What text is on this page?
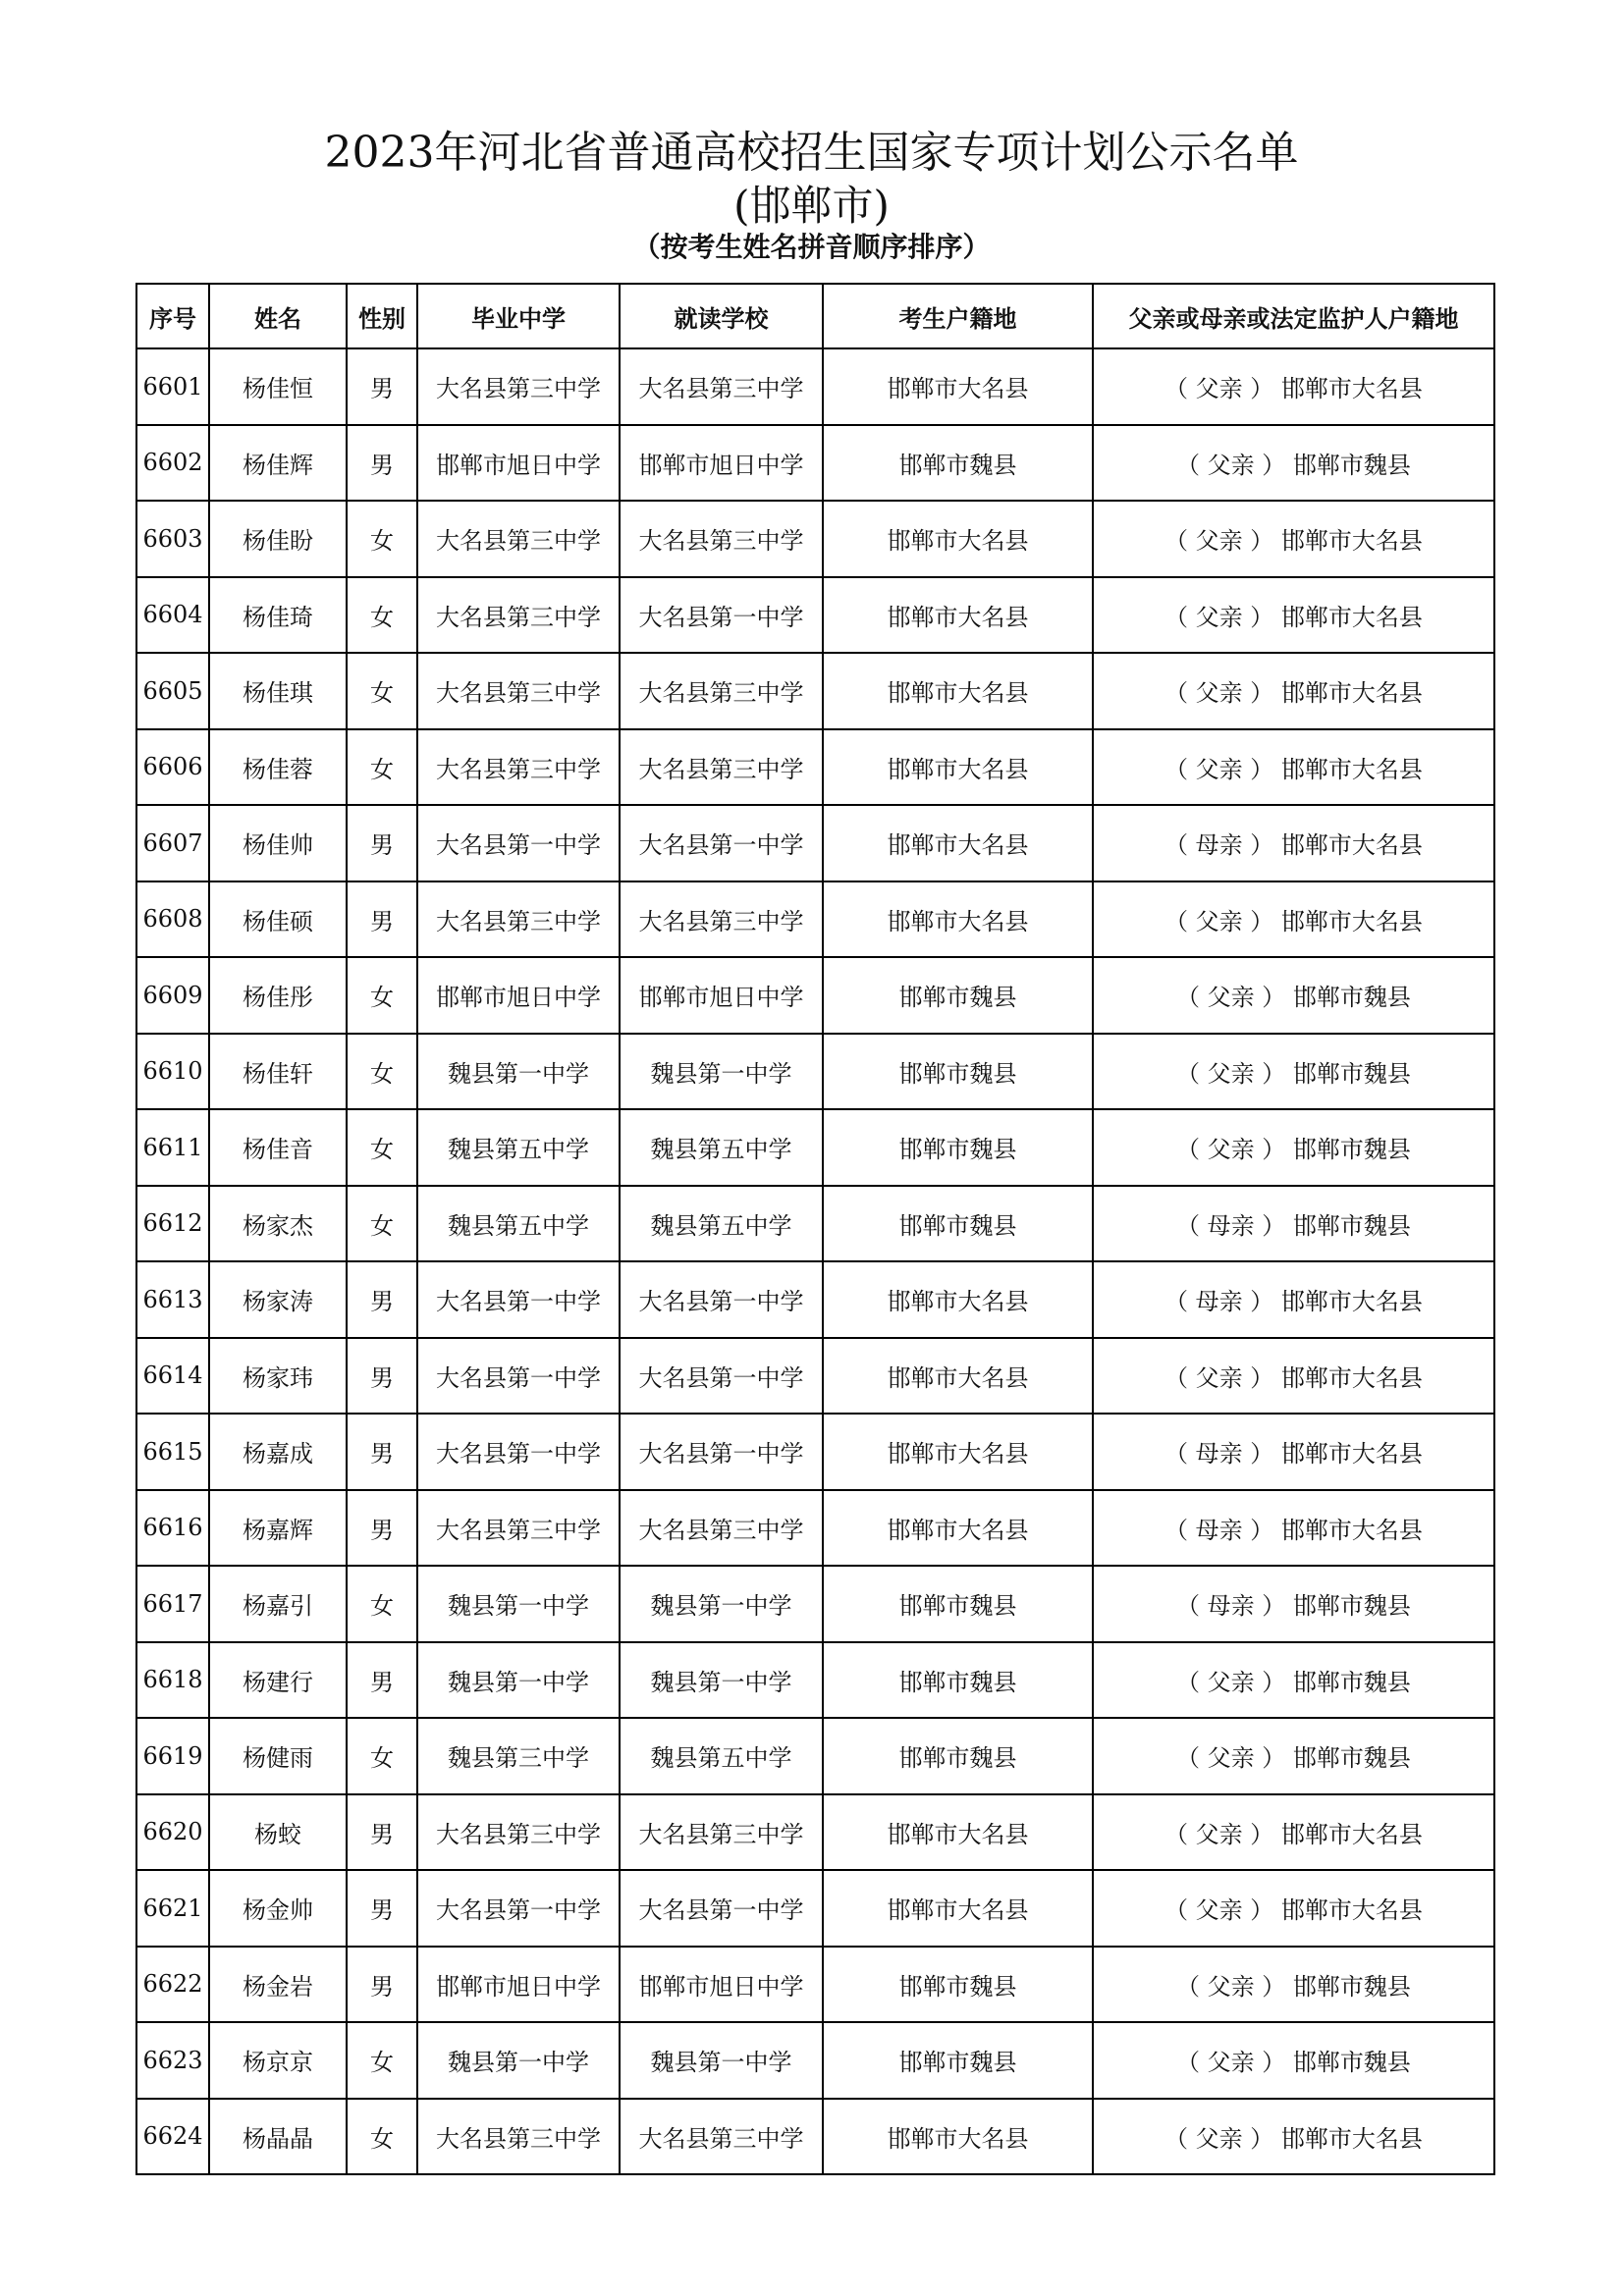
2023年河北省普通高校招生国家专项计划公示名单
(邯郸市)
（按考生姓名拼音顺序排序）
序号	姓名	性别	毕业中学	就读学校	考生户籍地	父亲或母亲或法定监护人户籍地
6601	杨佳恒	男	大名县第三中学	大名县第三中学	邯郸市大名县	（ 父亲 ） 邯郸市大名县
6602	杨佳辉	男	邯郸市旭日中学	邯郸市旭日中学	邯郸市魏县	（ 父亲 ） 邯郸市魏县
6603	杨佳盼	女	大名县第三中学	大名县第三中学	邯郸市大名县	（ 父亲 ） 邯郸市大名县
6604	杨佳琦	女	大名县第三中学	大名县第一中学	邯郸市大名县	（ 父亲 ） 邯郸市大名县
6605	杨佳琪	女	大名县第三中学	大名县第三中学	邯郸市大名县	（ 父亲 ） 邯郸市大名县
6606	杨佳蓉	女	大名县第三中学	大名县第三中学	邯郸市大名县	（ 父亲 ） 邯郸市大名县
6607	杨佳帅	男	大名县第一中学	大名县第一中学	邯郸市大名县	（ 母亲 ） 邯郸市大名县
6608	杨佳硕	男	大名县第三中学	大名县第三中学	邯郸市大名县	（ 父亲 ） 邯郸市大名县
6609	杨佳彤	女	邯郸市旭日中学	邯郸市旭日中学	邯郸市魏县	（ 父亲 ） 邯郸市魏县
6610	杨佳轩	女	魏县第一中学	魏县第一中学	邯郸市魏县	（ 父亲 ） 邯郸市魏县
6611	杨佳音	女	魏县第五中学	魏县第五中学	邯郸市魏县	（ 父亲 ） 邯郸市魏县
6612	杨家杰	女	魏县第五中学	魏县第五中学	邯郸市魏县	（ 母亲 ） 邯郸市魏县
6613	杨家涛	男	大名县第一中学	大名县第一中学	邯郸市大名县	（ 母亲 ） 邯郸市大名县
6614	杨家玮	男	大名县第一中学	大名县第一中学	邯郸市大名县	（ 父亲 ） 邯郸市大名县
6615	杨嘉成	男	大名县第一中学	大名县第一中学	邯郸市大名县	（ 母亲 ） 邯郸市大名县
6616	杨嘉辉	男	大名县第三中学	大名县第三中学	邯郸市大名县	（ 母亲 ） 邯郸市大名县
6617	杨嘉引	女	魏县第一中学	魏县第一中学	邯郸市魏县	（ 母亲 ） 邯郸市魏县
6618	杨建行	男	魏县第一中学	魏县第一中学	邯郸市魏县	（ 父亲 ） 邯郸市魏县
6619	杨健雨	女	魏县第三中学	魏县第五中学	邯郸市魏县	（ 父亲 ） 邯郸市魏县
6620	杨蛟	男	大名县第三中学	大名县第三中学	邯郸市大名县	（ 父亲 ） 邯郸市大名县
6621	杨金帅	男	大名县第一中学	大名县第一中学	邯郸市大名县	（ 父亲 ） 邯郸市大名县
6622	杨金岩	男	邯郸市旭日中学	邯郸市旭日中学	邯郸市魏县	（ 父亲 ） 邯郸市魏县
6623	杨京京	女	魏县第一中学	魏县第一中学	邯郸市魏县	（ 父亲 ） 邯郸市魏县
6624	杨晶晶	女	大名县第三中学	大名县第三中学	邯郸市大名县	（ 父亲 ） 邯郸市大名县
